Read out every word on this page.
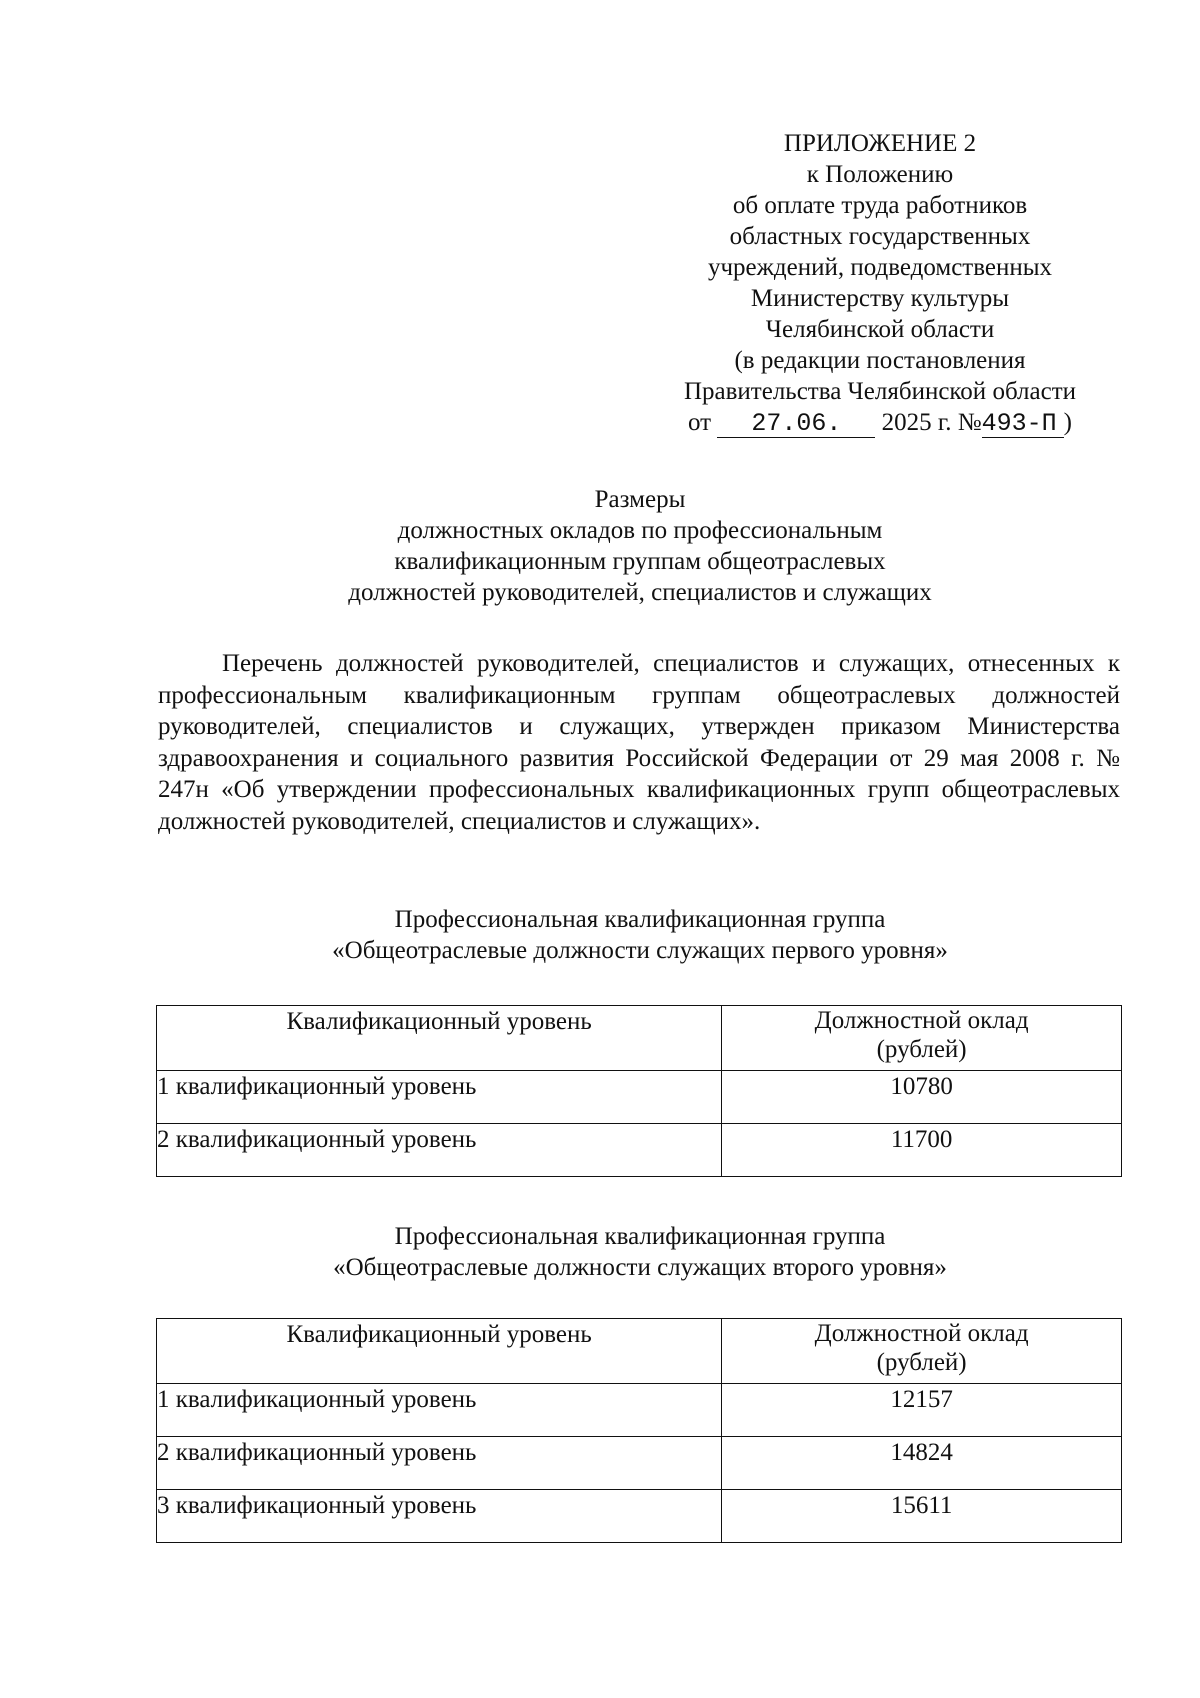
ПРИЛОЖЕНИЕ 2
к Положению
об оплате труда работников
областных государственных
учреждений, подведомственных
Министерству культуры
Челябинской области
(в редакции постановления
Правительства Челябинской области
от 27.06. 2025 г. №493-П )
Размеры
должностных окладов по профессиональным
квалификационным группам общеотраслевых
должностей руководителей, специалистов и служащих
Перечень должностей руководителей, специалистов и служащих, отнесенных к профессиональным квалификационным группам общеотраслевых должностей руководителей, специалистов и служащих, утвержден приказом Министерства здравоохранения и социального развития Российской Федерации от 29 мая 2008 г. № 247н «Об утверждении профессиональных квалификационных групп общеотраслевых должностей руководителей, специалистов и служащих».
Профессиональная квалификационная группа
«Общеотраслевые должности служащих первого уровня»
Квалификационный уровень	Должностной оклад
(рублей)

1 квалификационный уровень	10780
2 квалификационный уровень	11700
Профессиональная квалификационная группа
«Общеотраслевые должности служащих второго уровня»
Квалификационный уровень	Должностной оклад
(рублей)

1 квалификационный уровень	12157
2 квалификационный уровень	14824
3 квалификационный уровень	15611
